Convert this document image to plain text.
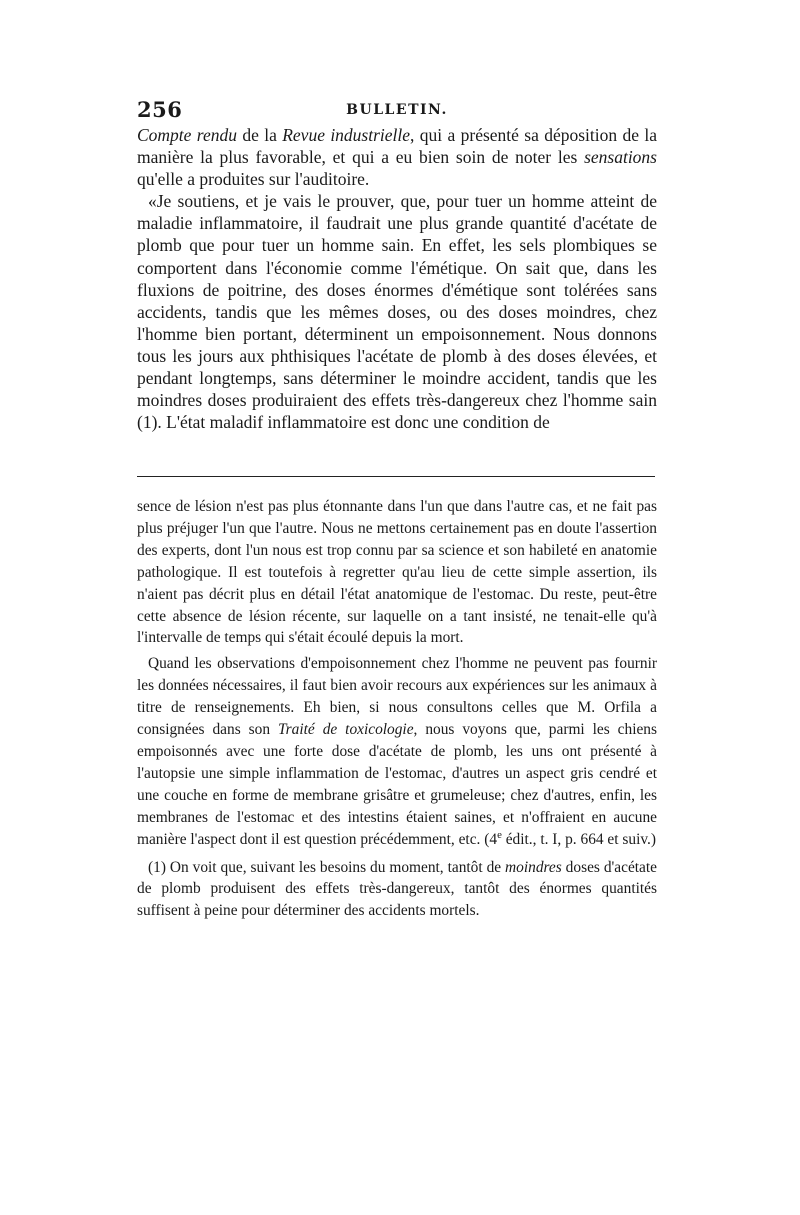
256	BULLETIN.

Compte rendu de la Revue industrielle, qui a présenté sa déposition de la manière la plus favorable, et qui a eu bien soin de noter les sensations qu'elle a produites sur l'auditoire.

«Je soutiens, et je vais le prouver, que, pour tuer un homme atteint de maladie inflammatoire, il faudrait une plus grande quantité d'acétate de plomb que pour tuer un homme sain. En effet, les sels plombiques se comportent dans l'économie comme l'émétique. On sait que, dans les fluxions de poitrine, des doses énormes d'émétique sont tolérées sans accidents, tandis que les mêmes doses, ou des doses moindres, chez l'homme bien portant, déterminent un empoisonnement. Nous donnons tous les jours aux phthisiques l'acétate de plomb à des doses élevées, et pendant longtemps, sans déterminer le moindre accident, tandis que les moindres doses produiraient des effets très-dangereux chez l'homme sain (1). L'état maladif inflammatoire est donc une condition de

sence de lésion n'est pas plus étonnante dans l'un que dans l'autre cas, et ne fait pas plus préjuger l'un que l'autre. Nous ne mettons certainement pas en doute l'assertion des experts, dont l'un nous est trop connu par sa science et son habileté en anatomie pathologique. Il est toutefois à regretter qu'au lieu de cette simple assertion, ils n'aient pas décrit plus en détail l'état anatomique de l'estomac. Du reste, peut-être cette absence de lésion récente, sur laquelle on a tant insisté, ne tenait-elle qu'à l'intervalle de temps qui s'était écoulé depuis la mort.

Quand les observations d'empoisonnement chez l'homme ne peuvent pas fournir les données nécessaires, il faut bien avoir recours aux expériences sur les animaux à titre de renseignements. Eh bien, si nous consultons celles que M. Orfila a consignées dans son Traité de toxicologie, nous voyons que, parmi les chiens empoisonnés avec une forte dose d'acétate de plomb, les uns ont présenté à l'autopsie une simple inflammation de l'estomac, d'autres un aspect gris cendré et une couche en forme de membrane grisâtre et grumeleuse; chez d'autres, enfin, les membranes de l'estomac et des intestins étaient saines, et n'offraient en aucune manière l'aspect dont il est question précédemment, etc. (4e édit., t. I, p. 664 et suiv.)

(1) On voit que, suivant les besoins du moment, tantôt de moindres doses d'acétate de plomb produisent des effets très-dangereux, tantôt des énormes quantités suffisent à peine pour déterminer des accidents mortels.
